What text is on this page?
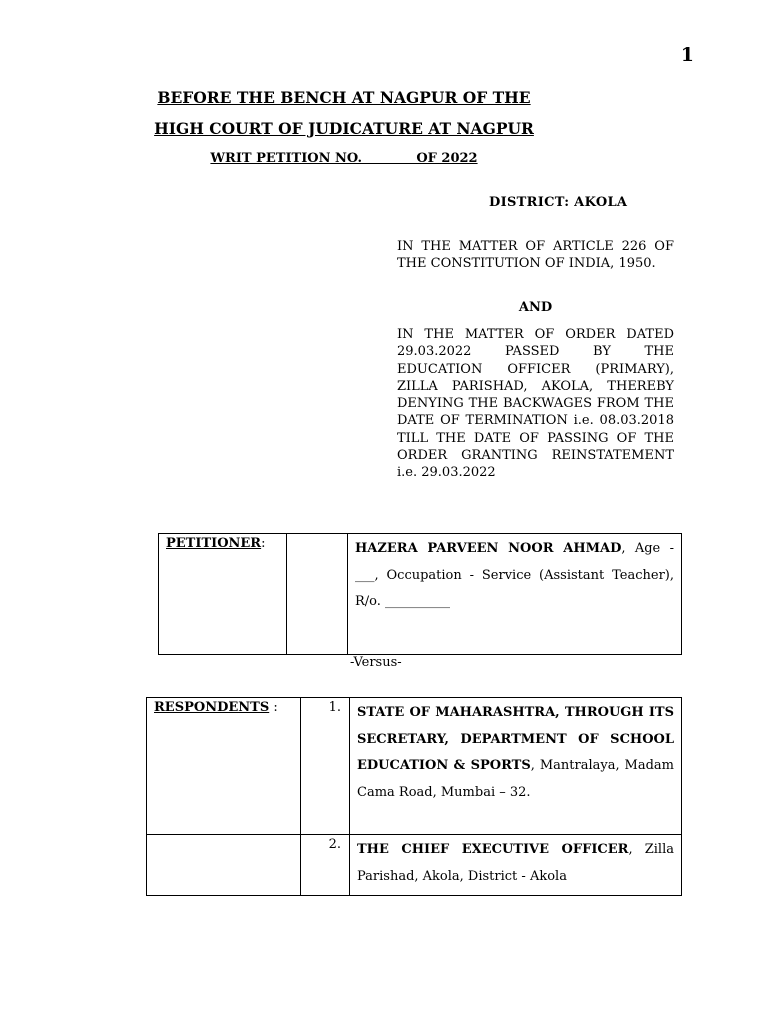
1
BEFORE THE BENCH AT NAGPUR OF THE
HIGH COURT OF JUDICATURE AT NAGPUR
WRIT PETITION NO.            OF 2022
DISTRICT: AKOLA
IN THE MATTER OF ARTICLE 226 OF THE CONSTITUTION OF INDIA, 1950.
AND
IN THE MATTER OF ORDER DATED 29.03.2022 PASSED BY THE EDUCATION OFFICER (PRIMARY), ZILLA PARISHAD, AKOLA, THEREBY DENYING THE BACKWAGES FROM THE DATE OF TERMINATION i.e. 08.03.2018 TILL THE DATE OF PASSING OF THE ORDER GRANTING REINSTATEMENT i.e. 29.03.2022
PETITIONER:		HAZERA PARVEEN NOOR AHMAD, Age - ___, Occupation - Service (Assistant Teacher), R/o. __________
-Versus-
RESPONDENTS :	1.	STATE OF MAHARASHTRA, THROUGH ITS SECRETARY, DEPARTMENT OF SCHOOL EDUCATION & SPORTS, Mantralaya, Madam Cama Road, Mumbai – 32.

	2.	THE CHIEF EXECUTIVE OFFICER, Zilla Parishad, Akola, District - Akola
